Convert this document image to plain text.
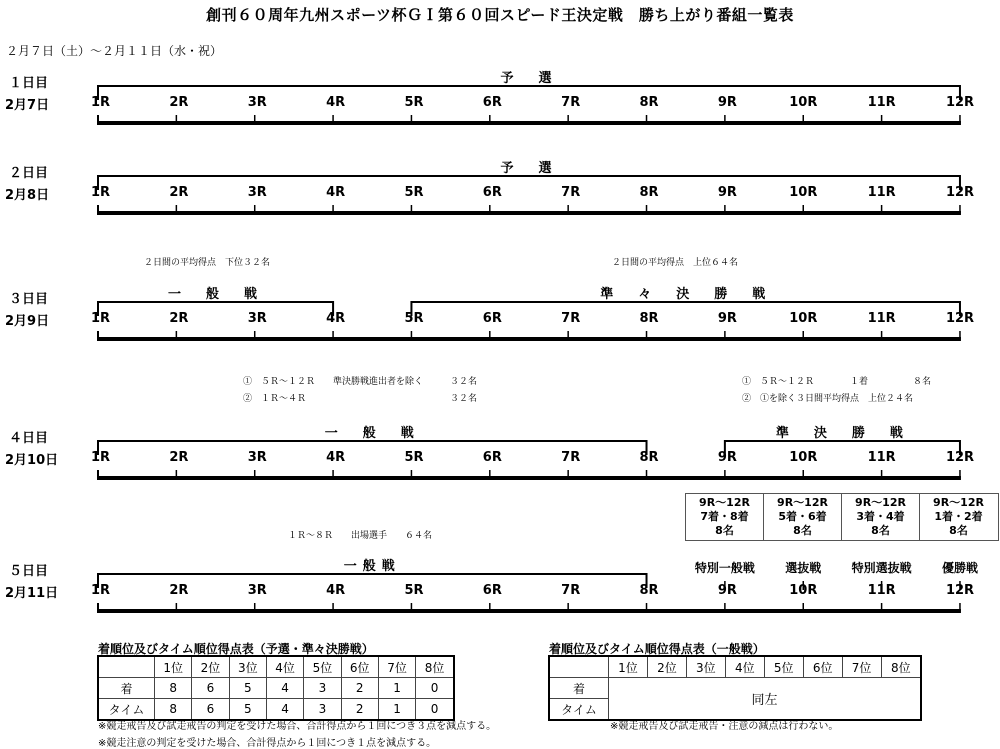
創刊６０周年九州スポーツ杯ＧＩ第６０回スピード王決定戦　勝ち上がり番組一覧表
２月７日（土）～２月１１日（水・祝）
１日目
2月7日	1R	2R	3R	4R	5R	6R	7R	8R	9R	10R	11R	12R
予　選
２日目
2月8日	1R	2R	3R	4R	5R	6R	7R	8R	9R	10R	11R	12R
予　選
３日目
2月9日	1R	2R	3R	4R	5R	6R	7R	8R	9R	10R	11R	12R
一　般　戦	準　々　決　勝　戦
４日目
2月10日	1R	2R	3R	4R	5R	6R	7R	8R	9R	10R	11R	12R
一　般　戦	準　決　勝　戦
５日目
2月11日	1R	2R	3R	4R	5R	6R	7R	8R	9R	10R	11R	12R
一般戦	特別一般戦	選抜戦	特別選抜戦	優勝戦
２日間の平均得点　下位３２名	２日間の平均得点　上位６４名
①　５Ｒ～１２Ｒ　　準決勝戦進出者を除く　　　３２名
②　１Ｒ～４Ｒ　　　　　　　　　　　　　　　　３２名
①　５Ｒ～１２Ｒ　　　　１着　　　　　８名
②　①を除く３日間平均得点　上位２４名
１Ｒ～８Ｒ　　出場選手　　６４名
9R～12R
7着・8着
8名
9R～12R
5着・6着
8名
9R～12R
3着・4着
8名
9R～12R
1着・2着
8名
着順位及びタイム順位得点表（予選・準々決勝戦）
	1位	2位	3位	4位	5位	6位	7位	8位
着	8	6	5	4	3	2	1	0
タイム	8	6	5	4	3	2	1	0
※競走戒告及び試走戒告の判定を受けた場合、合計得点から１回につき３点を減点する。
※競走注意の判定を受けた場合、合計得点から１回につき１点を減点する。
着順位及びタイム順位得点表（一般戦）
	1位	2位	3位	4位	5位	6位	7位	8位
着	同左							
タイム								
※競走戒告及び試走戒告・注意の減点は行わない。
